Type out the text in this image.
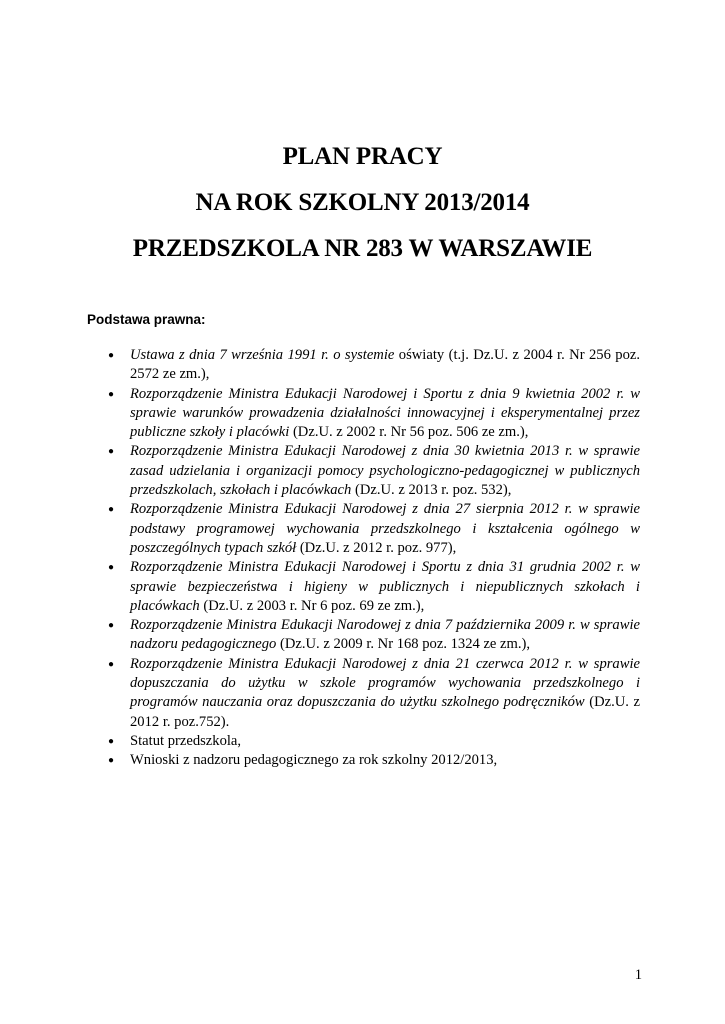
PLAN PRACY
NA ROK SZKOLNY 2013/2014
PRZEDSZKOLA NR 283 W WARSZAWIE
Podstawa prawna:
● Ustawa z dnia 7 września 1991 r. o systemie oświaty (t.j. Dz.U. z 2004 r. Nr 256 poz. 2572 ze zm.),
● Rozporządzenie Ministra Edukacji Narodowej i Sportu z dnia 9 kwietnia 2002 r. w sprawie warunków prowadzenia działalności innowacyjnej i eksperymentalnej przez publiczne szkoły i placówki (Dz.U. z 2002 r. Nr 56 poz. 506 ze zm.),
● Rozporządzenie Ministra Edukacji Narodowej z dnia 30 kwietnia 2013 r. w sprawie zasad udzielania i organizacji pomocy psychologiczno-pedagogicznej w publicznych przedszkolach, szkołach i placówkach (Dz.U. z 2013 r. poz. 532),
● Rozporządzenie Ministra Edukacji Narodowej z dnia 27 sierpnia 2012 r. w sprawie podstawy programowej wychowania przedszkolnego i kształcenia ogólnego w poszczególnych typach szkół (Dz.U. z 2012 r. poz. 977),
● Rozporządzenie Ministra Edukacji Narodowej i Sportu z dnia 31 grudnia 2002 r. w sprawie bezpieczeństwa i higieny w publicznych i niepublicznych szkołach i placówkach (Dz.U. z 2003 r. Nr 6 poz. 69 ze zm.),
● Rozporządzenie Ministra Edukacji Narodowej z dnia 7 października 2009 r. w sprawie nadzoru pedagogicznego (Dz.U. z 2009 r. Nr 168 poz. 1324 ze zm.),
● Rozporządzenie Ministra Edukacji Narodowej z dnia 21 czerwca 2012 r. w sprawie dopuszczania do użytku w szkole programów wychowania przedszkolnego i programów nauczania oraz dopuszczania do użytku szkolnego podręczników (Dz.U. z 2012 r. poz.752).
● Statut przedszkola,
● Wnioski z nadzoru pedagogicznego za rok szkolny 2012/2013,
1
